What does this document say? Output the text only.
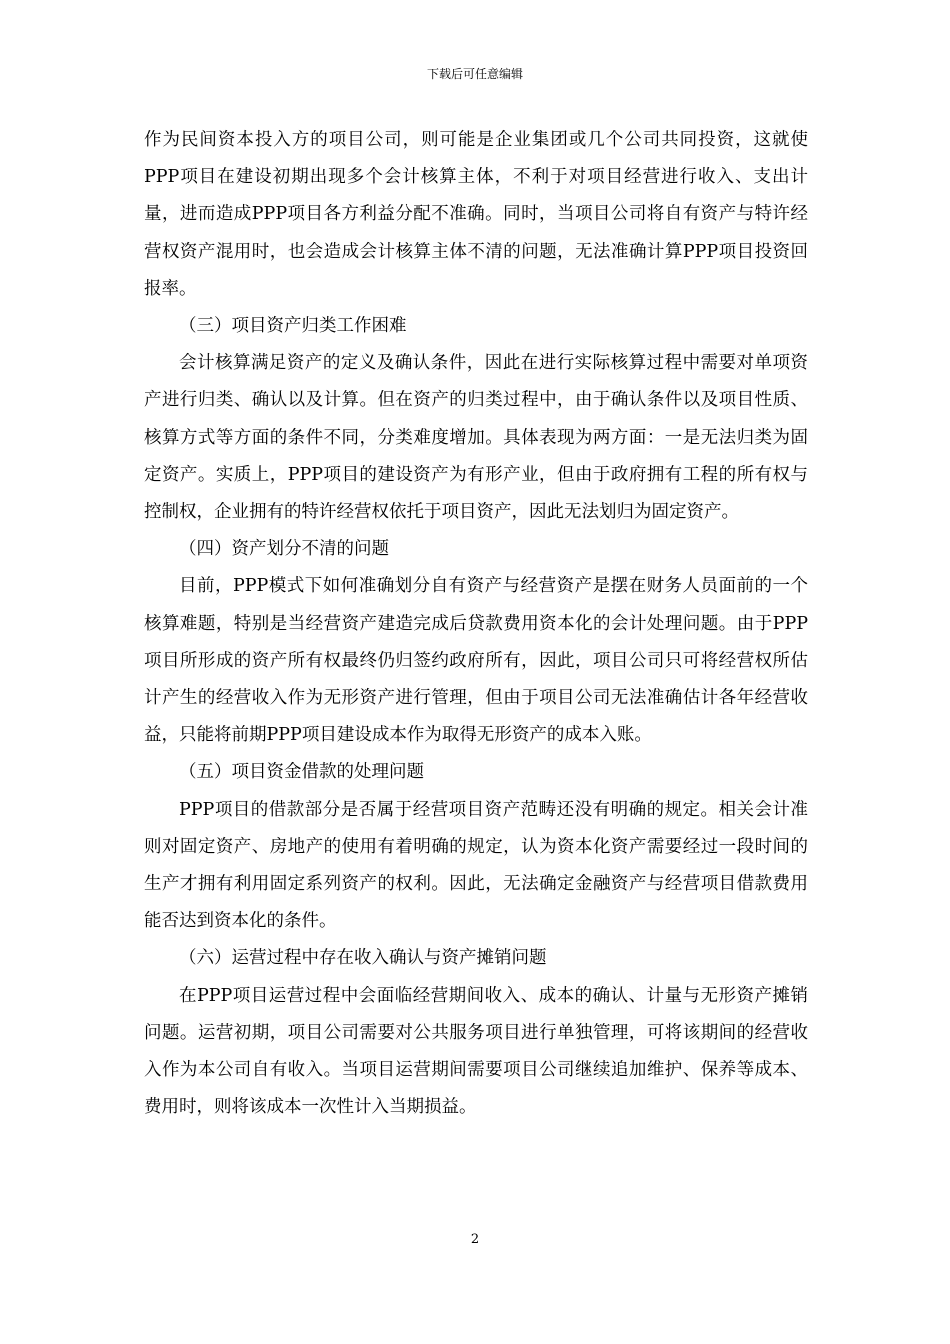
下载后可任意编辑

作为民间资本投入方的项目公司，则可能是企业集团或几个公司共同投资，这就使PPP项目在建设初期出现多个会计核算主体，不利于对项目经营进行收入、支出计量，进而造成PPP项目各方利益分配不准确。同时，当项目公司将自有资产与特许经营权资产混用时，也会造成会计核算主体不清的问题，无法准确计算PPP项目投资回报率。

（三）项目资产归类工作困难

会计核算满足资产的定义及确认条件，因此在进行实际核算过程中需要对单项资产进行归类、确认以及计算。但在资产的归类过程中，由于确认条件以及项目性质、核算方式等方面的条件不同，分类难度增加。具体表现为两方面：一是无法归类为固定资产。实质上，PPP项目的建设资产为有形产业，但由于政府拥有工程的所有权与控制权，企业拥有的特许经营权依托于项目资产，因此无法划归为固定资产。

（四）资产划分不清的问题

目前，PPP模式下如何准确划分自有资产与经营资产是摆在财务人员面前的一个核算难题，特别是当经营资产建造完成后贷款费用资本化的会计处理问题。由于PPP项目所形成的资产所有权最终仍归签约政府所有，因此，项目公司只可将经营权所估计产生的经营收入作为无形资产进行管理，但由于项目公司无法准确估计各年经营收益，只能将前期PPP项目建设成本作为取得无形资产的成本入账。

（五）项目资金借款的处理问题

PPP项目的借款部分是否属于经营项目资产范畴还没有明确的规定。相关会计准则对固定资产、房地产的使用有着明确的规定，认为资本化资产需要经过一段时间的生产才拥有利用固定系列资产的权利。因此，无法确定金融资产与经营项目借款费用能否达到资本化的条件。

（六）运营过程中存在收入确认与资产摊销问题

在PPP项目运营过程中会面临经营期间收入、成本的确认、计量与无形资产摊销问题。运营初期，项目公司需要对公共服务项目进行单独管理，可将该期间的经营收入作为本公司自有收入。当项目运营期间需要项目公司继续追加维护、保养等成本、费用时，则将该成本一次性计入当期损益。

2
